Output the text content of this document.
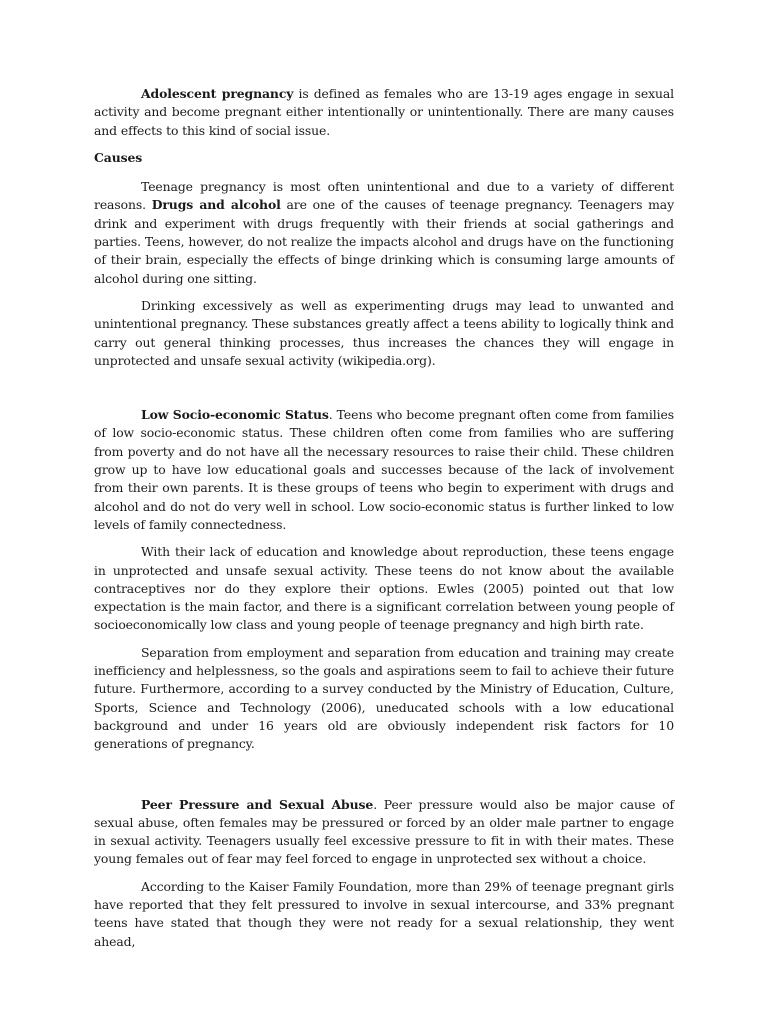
Adolescent pregnancy is defined as females who are 13-19 ages engage in sexual activity and become pregnant either intentionally or unintentionally. There are many causes and effects to this kind of social issue.

Causes

Teenage pregnancy is most often unintentional and due to a variety of different reasons. Drugs and alcohol are one of the causes of teenage pregnancy. Teenagers may drink and experiment with drugs frequently with their friends at social gatherings and parties. Teens, however, do not realize the impacts alcohol and drugs have on the functioning of their brain, especially the effects of binge drinking which is consuming large amounts of alcohol during one sitting.

Drinking excessively as well as experimenting drugs may lead to unwanted and unintentional pregnancy. These substances greatly affect a teens ability to logically think and carry out general thinking processes, thus increases the chances they will engage in unprotected and unsafe sexual activity (wikipedia.org).

Low Socio-economic Status. Teens who become pregnant often come from families of low socio-economic status. These children often come from families who are suffering from poverty and do not have all the necessary resources to raise their child. These children grow up to have low educational goals and successes because of the lack of involvement from their own parents. It is these groups of teens who begin to experiment with drugs and alcohol and do not do very well in school. Low socio-economic status is further linked to low levels of family connectedness.

With their lack of education and knowledge about reproduction, these teens engage in unprotected and unsafe sexual activity. These teens do not know about the available contraceptives nor do they explore their options. Ewles (2005) pointed out that low expectation is the main factor, and there is a significant correlation between young people of socioeconomically low class and young people of teenage pregnancy and high birth rate.

Separation from employment and separation from education and training may create inefficiency and helplessness, so the goals and aspirations seem to fail to achieve their future future. Furthermore, according to a survey conducted by the Ministry of Education, Culture, Sports, Science and Technology (2006), uneducated schools with a low educational background and under 16 years old are obviously independent risk factors for 10 generations of pregnancy.

Peer Pressure and Sexual Abuse. Peer pressure would also be major cause of sexual abuse, often females may be pressured or forced by an older male partner to engage in sexual activity. Teenagers usually feel excessive pressure to fit in with their mates. These young females out of fear may feel forced to engage in unprotected sex without a choice.

According to the Kaiser Family Foundation, more than 29% of teenage pregnant girls have reported that they felt pressured to involve in sexual intercourse, and 33% pregnant teens have stated that though they were not ready for a sexual relationship, they went ahead,
